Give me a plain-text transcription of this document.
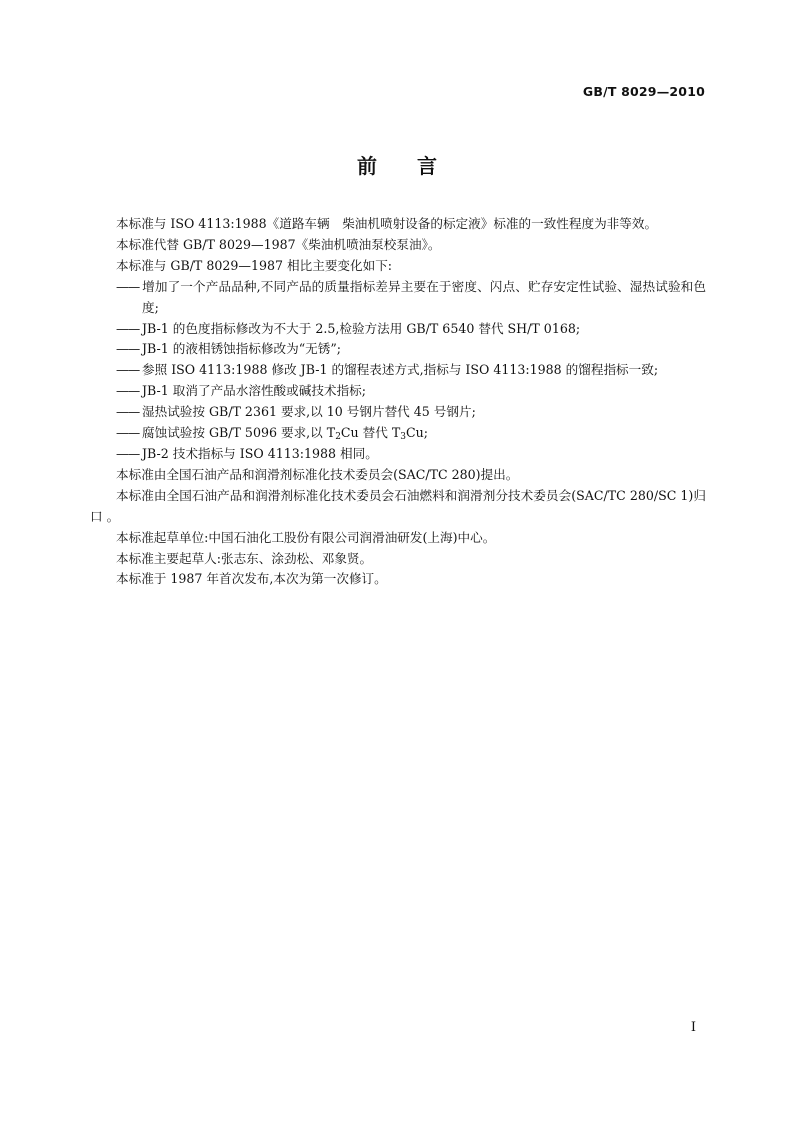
GB/T 8029—2010
前言

本标准与 ISO 4113:1988《道路车辆　柴油机喷射设备的标定液》标准的一致性程度为非等效。

本标准代替 GB/T 8029—1987《柴油机喷油泵校泵油》。

本标准与 GB/T 8029—1987 相比主要变化如下:

—— 增加了一个产品品种,不同产品的质量指标差异主要在于密度、闪点、贮存安定性试验、湿热试验和色度;

—— JB-1 的色度指标修改为不大于 2.5,检验方法用 GB/T 6540 替代 SH/T 0168;

—— JB-1 的液相锈蚀指标修改为“无锈”;

—— 参照 ISO 4113:1988 修改 JB-1 的馏程表述方式,指标与 ISO 4113:1988 的馏程指标一致;

—— JB-1 取消了产品水溶性酸或碱技术指标;

—— 湿热试验按 GB/T 2361 要求,以 10 号钢片替代 45 号钢片;

—— 腐蚀试验按 GB/T 5096 要求,以 $T_2Cu$ 替代 $T_3Cu$;

—— JB-2 技术指标与 ISO 4113:1988 相同。

本标准由全国石油产品和润滑剂标准化技术委员会(SAC/TC 280)提出。

本标准由全国石油产品和润滑剂标准化技术委员会石油燃料和润滑剂分技术委员会(SAC/TC 280/SC 1)归口 。

本标准起草单位:中国石油化工股份有限公司润滑油研发(上海)中心。

本标准主要起草人:张志东、涂劲松、邓象贤。

本标准于 1987 年首次发布,本次为第一次修订。

I
